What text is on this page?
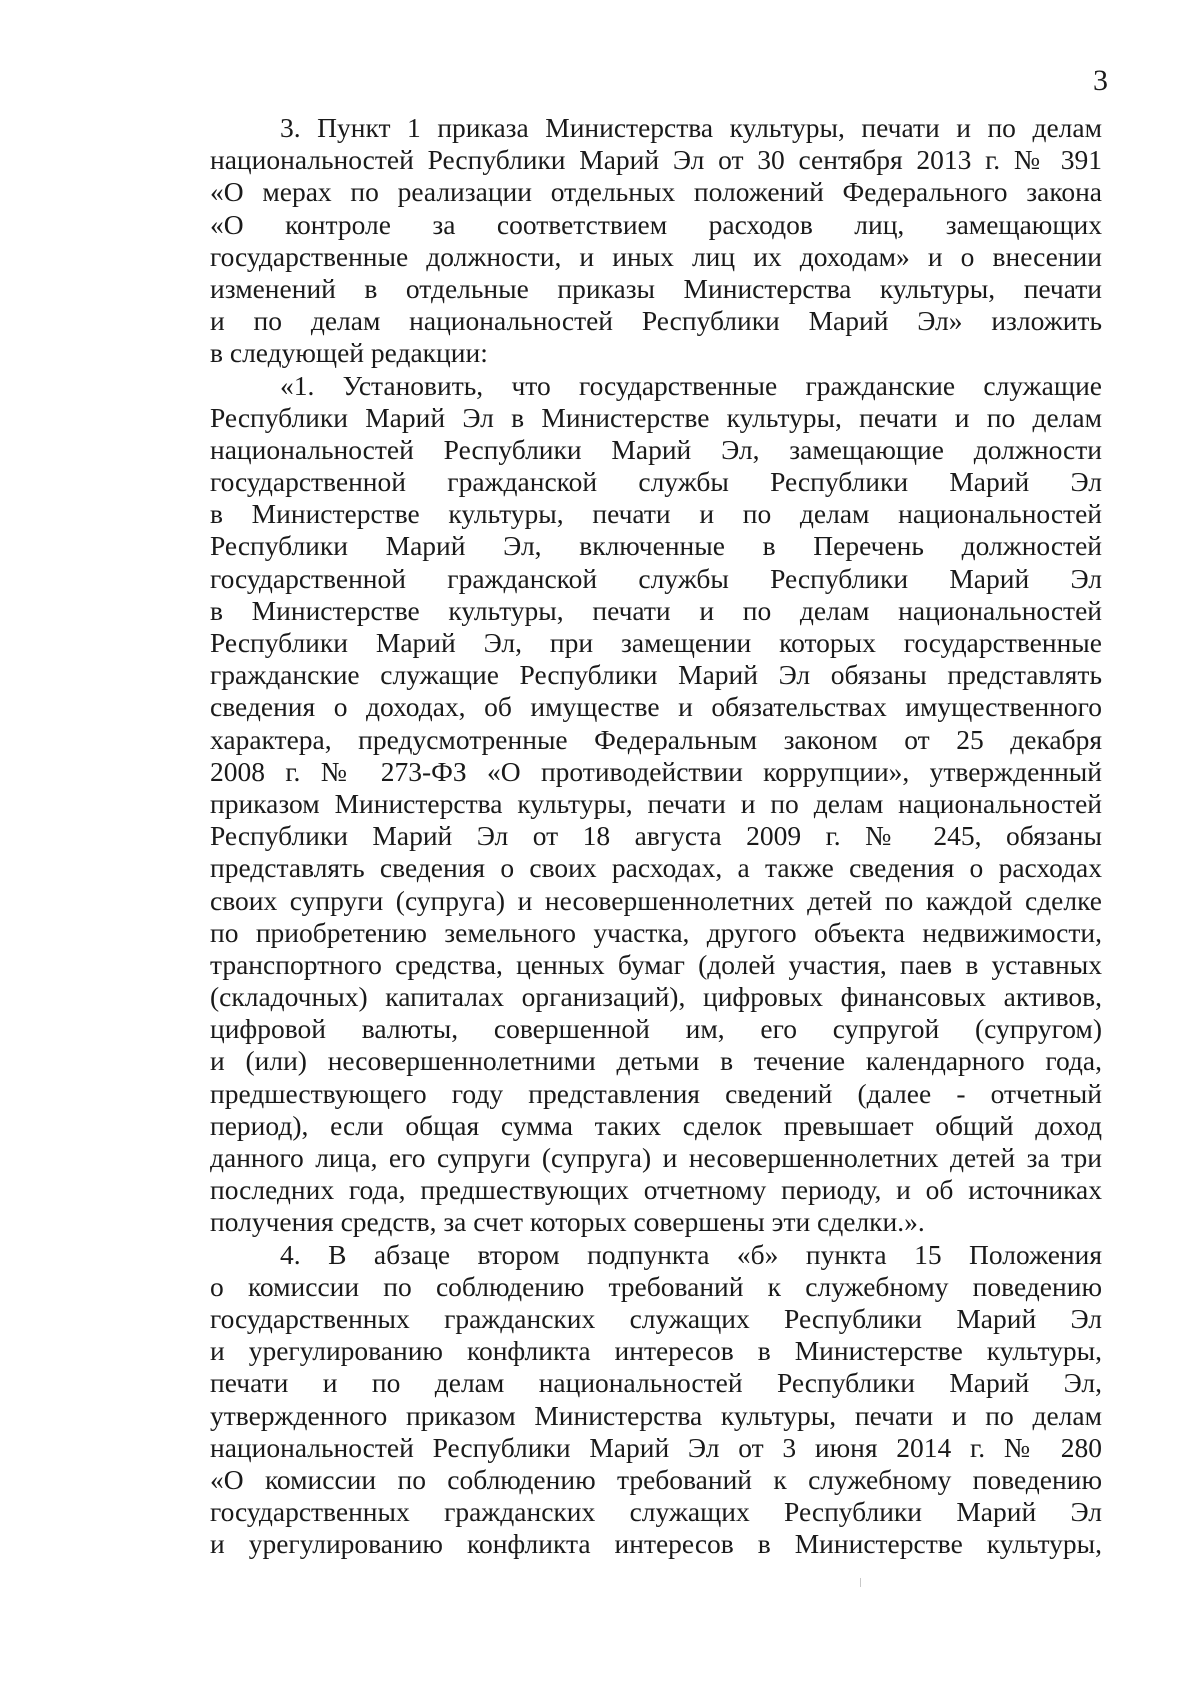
3
3. Пункт 1 приказа Министерства культуры, печати и по делам
национальностей Республики Марий Эл от 30 сентября 2013 г. № 391
«О мерах по реализации отдельных положений Федерального закона
«О контроле за соответствием расходов лиц, замещающих
государственные должности, и иных лиц их доходам» и о внесении
изменений в отдельные приказы Министерства культуры, печати
и по делам национальностей Республики Марий Эл» изложить
в следующей редакции:
«1. Установить, что государственные гражданские служащие
Республики Марий Эл в Министерстве культуры, печати и по делам
национальностей Республики Марий Эл, замещающие должности
государственной гражданской службы Республики Марий Эл
в Министерстве культуры, печати и по делам национальностей
Республики Марий Эл, включенные в Перечень должностей
государственной гражданской службы Республики Марий Эл
в Министерстве культуры, печати и по делам национальностей
Республики Марий Эл, при замещении которых государственные
гражданские служащие Республики Марий Эл обязаны представлять
сведения о доходах, об имуществе и обязательствах имущественного
характера, предусмотренные Федеральным законом от 25 декабря
2008 г. № 273-ФЗ «О противодействии коррупции», утвержденный
приказом Министерства культуры, печати и по делам национальностей
Республики Марий Эл от 18 августа 2009 г. № 245, обязаны
представлять сведения о своих расходах, а также сведения о расходах
своих супруги (супруга) и несовершеннолетних детей по каждой сделке
по приобретению земельного участка, другого объекта недвижимости,
транспортного средства, ценных бумаг (долей участия, паев в уставных
(складочных) капиталах организаций), цифровых финансовых активов,
цифровой валюты, совершенной им, его супругой (супругом)
и (или) несовершеннолетними детьми в течение календарного года,
предшествующего году представления сведений (далее - отчетный
период), если общая сумма таких сделок превышает общий доход
данного лица, его супруги (супруга) и несовершеннолетних детей за три
последних года, предшествующих отчетному периоду, и об источниках
получения средств, за счет которых совершены эти сделки.».
4. В абзаце втором подпункта «б» пункта 15 Положения
о комиссии по соблюдению требований к служебному поведению
государственных гражданских служащих Республики Марий Эл
и урегулированию конфликта интересов в Министерстве культуры,
печати и по делам национальностей Республики Марий Эл,
утвержденного приказом Министерства культуры, печати и по делам
национальностей Республики Марий Эл от 3 июня 2014 г. № 280
«О комиссии по соблюдению требований к служебному поведению
государственных гражданских служащих Республики Марий Эл
и урегулированию конфликта интересов в Министерстве культуры,
